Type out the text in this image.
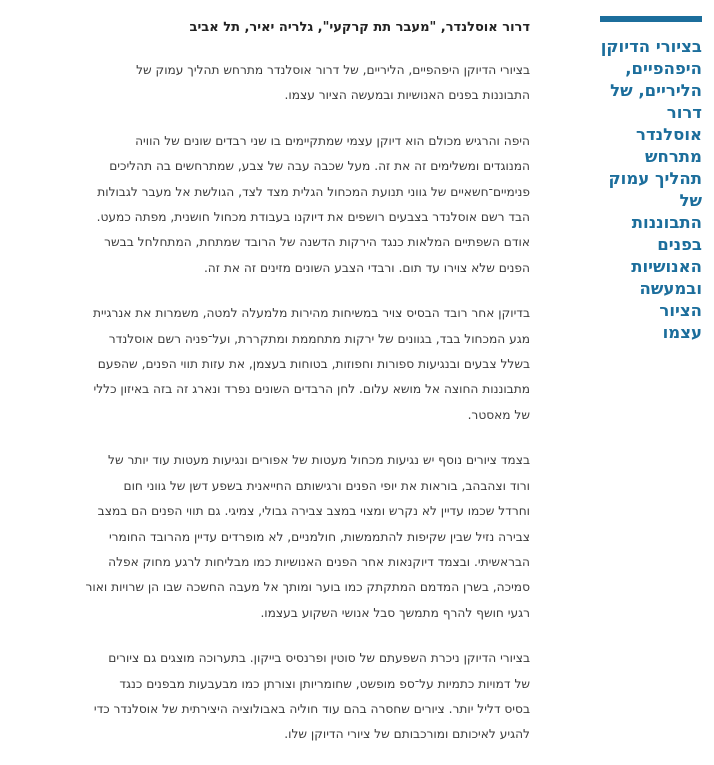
בציורי הדיוקן
היפהפיים,
הליריים, של דרור
אוסלנדר מתרחש
תהליך עמוק של
התבוננות בפנים
האנושיות
ובמעשה הציור
עצמו
דרור אוסלנדר, "מעבר תת קרקעי", גלריה יאיר, תל אביב
בציורי הדיוקן היפהפיים, הליריים, של דרור אוסלנדר מתרחש תהליך עמוק של
התבוננות בפנים האנושיות ובמעשה הציור עצמו.
היפה והרגיש מכולם הוא דיוקן עצמי שמתקיימים בו שני רבדים שונים של הוויה
המנוגדים ומשלימים זה את זה. מעל שכבה עבה של צבע, שמתרחשים בה תהליכים
פנימיים־חשאיים של גווני תנועת המכחול הגלית מצד לצד, הגולשת אל מעבר לגבולות
הבד רשם אוסלנדר בצבעים רושפים את דיוקנו בעבודת מכחול חושנית, מפתה כמעט.
אודם השפתיים המלאות כנגד הירקות הדשנה של הרובד שמתחת, המתחלחל בבשר
הפנים שלא צוירו עד תום. ורבדי הצבע השונים מזינים זה את זה.
בדיוקן אחר רובד הבסיס צויר במשיחות מהירות מלמעלה למטה, משמרות את אנרגיית
מגע המכחול בבד, בגוונים של ירקות מתחממת ומתקררת, ועל־פניה רשם אוסלנדר
בשלל צבעים ובנגיעות ספורות וחפוזות, בטוחות בעצמן, את עזות תווי הפנים, שהפעם
מתבוננות החוצה אל מושא עלום. לחן הרבדים השונים נפרד ונארג זה בזה באיזון כללי
של מאסטר.
בצמד ציורים נוסף יש נגיעות מכחול מעטות של אפורים ונגיעות מעטות עוד יותר של
ורוד וצהבהב, בוראות את יופי הפנים ורגישותם החייאנית בשפע דשן של גווני חום
וחרדל שכמו עדיין לא נקרש ומצוי במצב צבירה גבולי, צמיגי. גם תווי הפנים הם במצב
צבירה נזיל שבין שקיפות להתממשות, חולמניים, לא מופרדים עדיין מהרובד החומרי
הבראשיתי. ובצמד דיוקנאות אחר הפנים האנושיות כמו מבליחות לרגע מחוק אפלה
סמיכה, בשרן המדמם המתקתק כמו בוער ומותך אל מעבה החשכה שבו הן שרויות ואור
רגעי חושף להרף מתמשך סבל אנושי השקוע בעצמו.
בציורי הדיוקן ניכרת השפעתם של סוטין ופרנסיס בייקון. בתערוכה מוצגים גם ציורים
של דמויות כתמיות על־ספ מופשט, שחומריותן וצורתן כמו מבעבעות מבפנים כנגד
בסיס דליל יותר. ציורים שחסרה בהם עוד חוליה באבולוציה היצירתית של אוסלנדר כדי
להגיע לאיכותם ומורכבותם של ציורי הדיוקן שלו.
